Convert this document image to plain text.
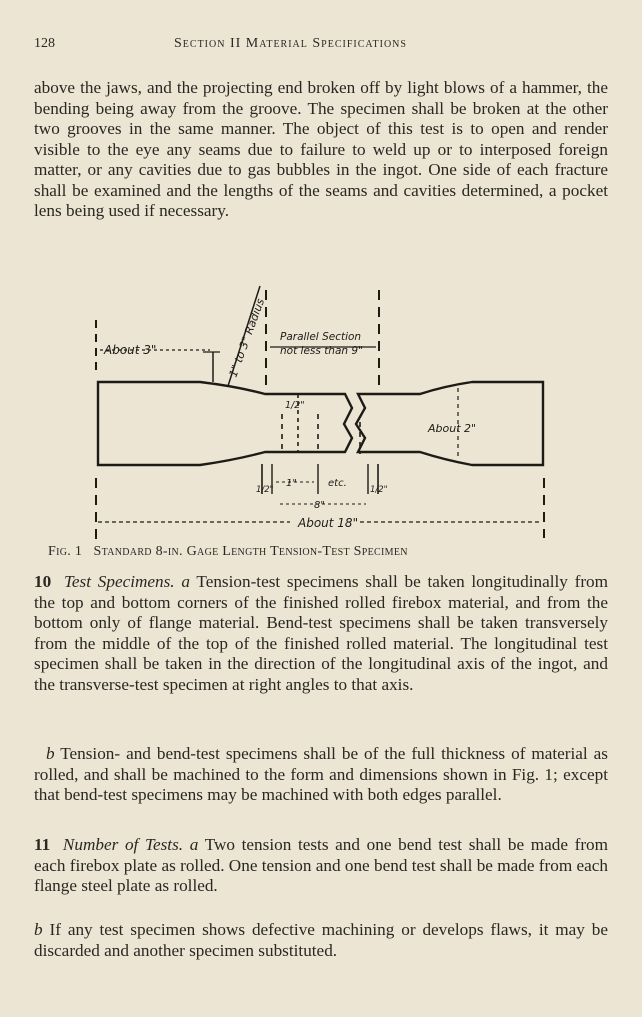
128	Section II Material Specifications

above the jaws, and the projecting end broken off by light blows of a hammer, the bending being away from the groove. The specimen shall be broken at the other two grooves in the same manner. The object of this test is to open and render visible to the eye any seams due to failure to weld up or to interposed foreign matter, or any cavities due to gas bubbles in the ingot. One side of each fracture shall be examined and the lengths of the seams and cavities determined, a pocket lens being used if necessary.

About 3"	1" to 3" Radius Parallel Section
not less than 9"
About 2"
1/2"
1/2"
1"	etc.
1/2"
8"
About 18"
Fig. 1 Standard 8-in. Gage Length Tension-Test Specimen

10 Test Specimens. a Tension-test specimens shall be taken longitudinally from the top and bottom corners of the finished rolled firebox material, and from the bottom only of flange material. Bend-test specimens shall be taken transversely from the middle of the top of the finished rolled material. The longitudinal test specimen shall be taken in the direction of the longitudinal axis of the ingot, and the transverse-test specimen at right angles to that axis.

b Tension- and bend-test specimens shall be of the full thickness of material as rolled, and shall be machined to the form and dimensions shown in Fig. 1; except that bend-test specimens may be machined with both edges parallel.

11 Number of Tests. a Two tension tests and one bend test shall be made from each firebox plate as rolled. One tension and one bend test shall be made from each flange steel plate as rolled.

b If any test specimen shows defective machining or develops flaws, it may be discarded and another specimen substituted.
